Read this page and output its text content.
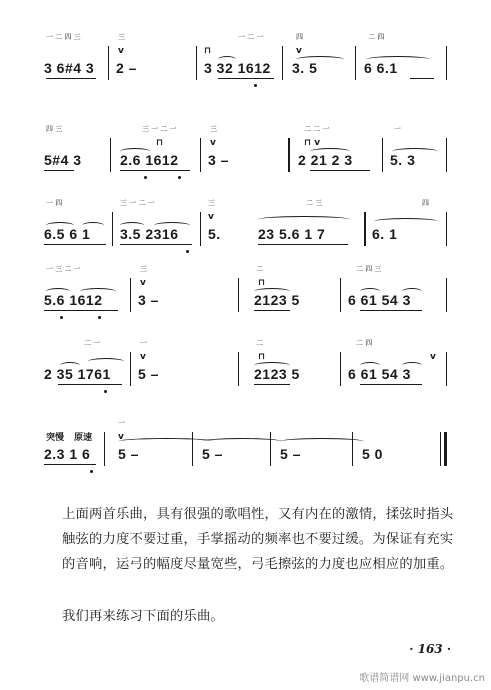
一 二 四 三
3 6#4 3
三
v
2 –
⊓
一 二 一
3 32 1612
四
v
3. 5
二 四
6 6.1
四 三
5#4 3
三 一 二 一
⊓
2.6 1612
三
v
3 –
二 二 一
⊓ v
2 21 2 3
一
5. 3
一 四
6.5 6 1
三 一 二 一
3.5 2316
三
v
5.
二 三
23 5.6 1 7
四
6. 1
一 三 二 一
5.6 1612
三
v
3 –
二
⊓
2123 5
二 四 三
6 61 54 3
二 一
2 35 1761
一
v
5 –
二
⊓
2123 5
二 四
v
6 61 54 3
突慢 原速
2.3 1 6
一
v
5 –	5 –	5 –	5 0

上面两首乐曲，具有很强的歌唱性，又有内在的激情，揉弦时指头触弦的力度不要过重，手掌摇动的频率也不要过缓。为保证有充实的音响，运弓的幅度尽量宽些，弓毛擦弦的力度也应相应的加重。

我们再来练习下面的乐曲。

· 163 ·
歌谱简谱网 www.jianpu.cn
